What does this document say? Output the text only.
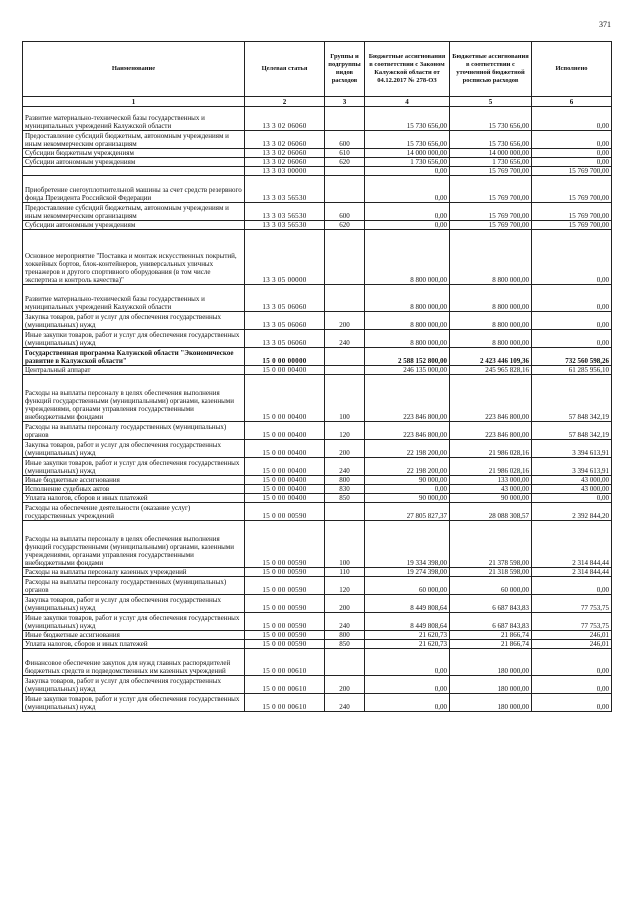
371
Наименование	Целевая статья	Группы и подгруппы видов расходов	Бюджетные ассигнования в соответствии с Законом Калужской области от 04.12.2017 № 278-ОЗ	Бюджетные ассигнования в соответствии с уточненной бюджетной росписью расходов	Исполнено
1	2	3	4	5	6
Развитие материально-технической базы государственных и муниципальных учреждений Калужской области	13 3 02 06060		15 730 656,00	15 730 656,00	0,00
Предоставление субсидий бюджетным, автономным учреждениям и иным некоммерческим организациям	13 3 02 06060	600	15 730 656,00	15 730 656,00	0,00
Субсидии бюджетным учреждениям	13 3 02 06060	610	14 000 000,00	14 000 000,00	0,00
Субсидии автономным учреждениям	13 3 02 06060	620	1 730 656,00	1 730 656,00	0,00
	13 3 03 00000		0,00	15 769 700,00	15 769 700,00
Приобретение снегоуплотнительной машины за счет средств резервного фонда Президента Российской Федерации	13 3 03 56530		0,00	15 769 700,00	15 769 700,00
Предоставление субсидий бюджетным, автономным учреждениям и иным некоммерческим организациям	13 3 03 56530	600	0,00	15 769 700,00	15 769 700,00
Субсидии автономным учреждениям	13 3 03 56530	620	0,00	15 769 700,00	15 769 700,00
Основное мероприятие "Поставка и монтаж искусственных покрытий, хоккейных бортов, блок-контейнеров, универсальных уличных тренажеров и другого спортивного оборудования (в том числе экспертиза и контроль качества)"	13 3 05 00000		8 800 000,00	8 800 000,00	0,00
Развитие материально-технической базы государственных и муниципальных учреждений Калужской области	13 3 05 06060		8 800 000,00	8 800 000,00	0,00
Закупка товаров, работ и услуг для обеспечения государственных (муниципальных) нужд	13 3 05 06060	200	8 800 000,00	8 800 000,00	0,00
Иные закупки товаров, работ и услуг для обеспечения государственных (муниципальных) нужд	13 3 05 06060	240	8 800 000,00	8 800 000,00	0,00
Государственная программа Калужской области "Экономическое развитие в Калужской области"	15 0 00 00000		2 588 152 800,00	2 423 446 109,36	732 560 598,26
Центральный аппарат	15 0 00 00400		246 135 000,00	245 965 828,16	61 285 956,10
Расходы на выплаты персоналу в целях обеспечения выполнения функций государственными (муниципальными) органами, казенными учреждениями, органами управления государственными внебюджетными фондами	15 0 00 00400	100	223 846 800,00	223 846 800,00	57 848 342,19
Расходы на выплаты персоналу государственных (муниципальных) органов	15 0 00 00400	120	223 846 800,00	223 846 800,00	57 848 342,19
Закупка товаров, работ и услуг для обеспечения государственных (муниципальных) нужд	15 0 00 00400	200	22 198 200,00	21 986 028,16	3 394 613,91
Иные закупки товаров, работ и услуг для обеспечения государственных (муниципальных) нужд	15 0 00 00400	240	22 198 200,00	21 986 028,16	3 394 613,91
Иные бюджетные ассигнования	15 0 00 00400	800	90 000,00	133 000,00	43 000,00
Исполнение судебных актов	15 0 00 00400	830	0,00	43 000,00	43 000,00
Уплата налогов, сборов и иных платежей	15 0 00 00400	850	90 000,00	90 000,00	0,00
Расходы на обеспечение деятельности (оказание услуг) государственных учреждений	15 0 00 00590		27 805 827,37	28 088 308,57	2 392 844,20
Расходы на выплаты персоналу в целях обеспечения выполнения функций государственными (муниципальными) органами, казенными учреждениями, органами управления государственными внебюджетными фондами	15 0 00 00590	100	19 334 398,00	21 378 598,00	2 314 844,44
Расходы на выплаты персоналу казенных учреждений	15 0 00 00590	110	19 274 398,00	21 318 598,00	2 314 844,44
Расходы на выплаты персоналу государственных (муниципальных) органов	15 0 00 00590	120	60 000,00	60 000,00	0,00
Закупка товаров, работ и услуг для обеспечения государственных (муниципальных) нужд	15 0 00 00590	200	8 449 808,64	6 687 843,83	77 753,75
Иные закупки товаров, работ и услуг для обеспечения государственных (муниципальных) нужд	15 0 00 00590	240	8 449 808,64	6 687 843,83	77 753,75
Иные бюджетные ассигнования	15 0 00 00590	800	21 620,73	21 866,74	246,01
Уплата налогов, сборов и иных платежей	15 0 00 00590	850	21 620,73	21 866,74	246,01
Финансовое обеспечение закупок для нужд главных распорядителей бюджетных средств и подведомственных им казенных учреждений	15 0 00 00610		0,00	180 000,00	0,00
Закупка товаров, работ и услуг для обеспечения государственных (муниципальных) нужд	15 0 00 00610	200	0,00	180 000,00	0,00
Иные закупки товаров, работ и услуг для обеспечения государственных (муниципальных) нужд	15 0 00 00610	240	0,00	180 000,00	0,00
